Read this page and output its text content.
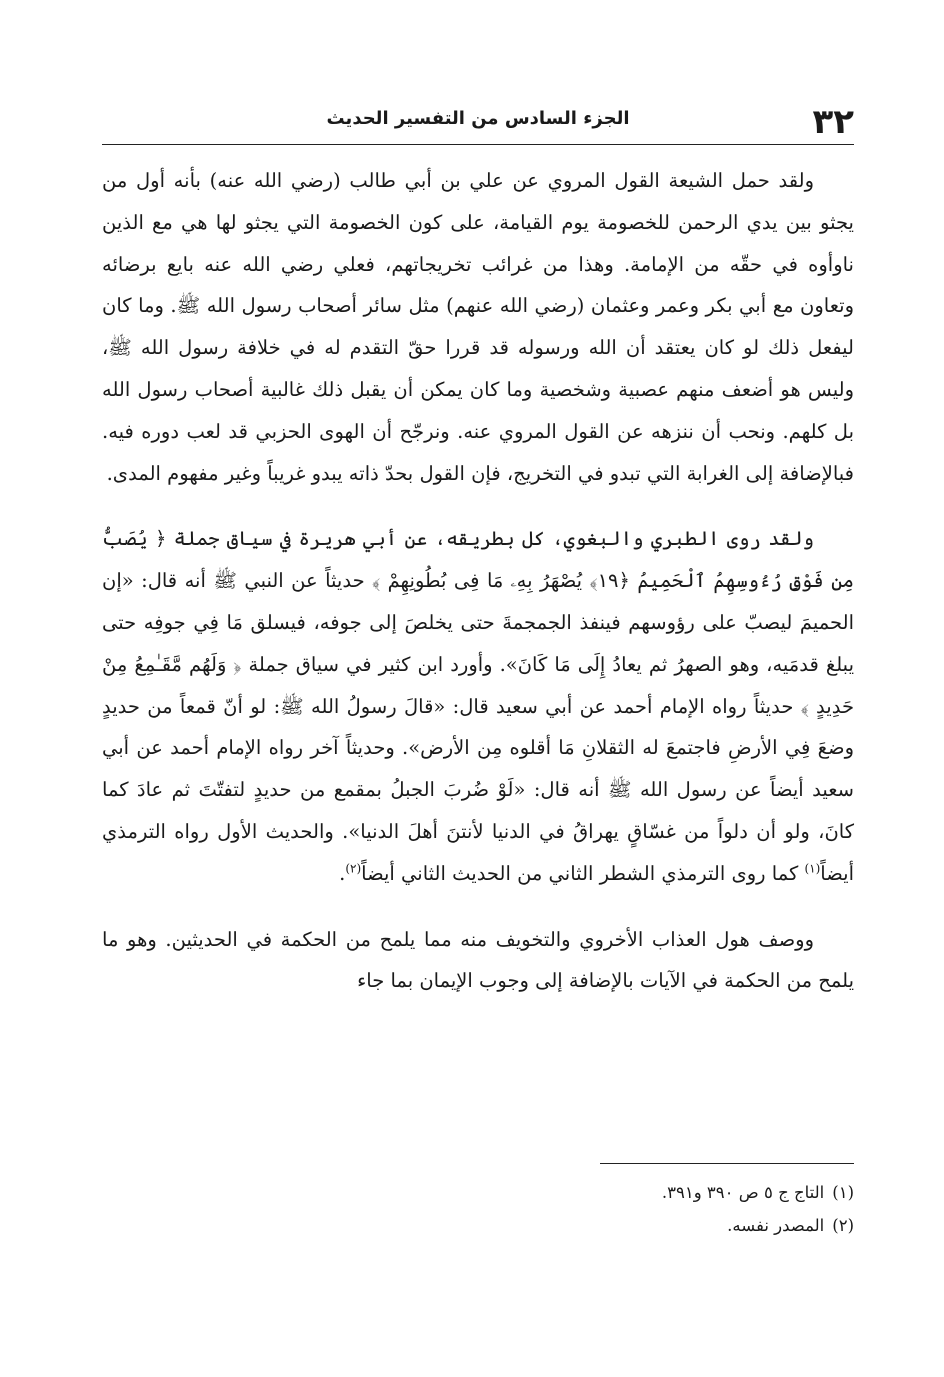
٣٢
الجزء السادس من التفسير الحديث

ولقد حمل الشيعة القول المروي عن علي بن أبي طالب (رضي الله عنه) بأنه أول من يجثو بين يدي الرحمن للخصومة يوم القيامة، على كون الخصومة التي يجثو لها هي مع الذين ناوأوه في حقّه من الإمامة. وهذا من غرائب تخريجاتهم، فعلي رضي الله عنه بايع برضائه وتعاون مع أبي بكر وعمر وعثمان (رضي الله عنهم) مثل سائر أصحاب رسول الله ﷺ. وما كان ليفعل ذلك لو كان يعتقد أن الله ورسوله قد قررا حقّ التقدم له في خلافة رسول الله ﷺ، وليس هو أضعف منهم عصبية وشخصية وما كان يمكن أن يقبل ذلك غالبية أصحاب رسول الله بل كلهم. ونحب أن ننزهه عن القول المروي عنه. ونرجّح أن الهوى الحزبي قد لعب دوره فيه. فبالإضافة إلى الغرابة التي تبدو في التخريج، فإن القول بحدّ ذاته يبدو غريباً وغير مفهوم المدى.

ولقد روى الطبري والبغوي، كل بطريقه، عن أبي هريرة في سياق جملة ﴿ يُصَبُّ مِن فَوْقِ رُءُوسِهِمُ ٱلْحَمِيمُ ﴿١٩﴾ يُصْهَرُ بِهِۦ مَا فِى بُطُونِهِمْ ﴾ حديثاً عن النبي ﷺ أنه قال: «إن الحميمَ ليصبّ على رؤوسهم فينفذ الجمجمةَ حتى يخلصَ إلى جوفه، فيسلق مَا فِي جوفِه حتى يبلغ قدمَيه، وهو الصهرُ ثم يعادُ إِلَى مَا كَانَ». وأورد ابن كثير في سياق جملة ﴿ وَلَهُم مَّقَـٰمِعُ مِنْ حَدِيدٍ ﴾ حديثاً رواه الإمام أحمد عن أبي سعيد قال: «قالَ رسولُ الله ﷺ: لو أنّ قمعاً من حديدٍ وضعَ فِي الأرضِ فاجتمعَ له الثقلانِ مَا أقلوه مِن الأرض». وحديثاً آخر رواه الإمام أحمد عن أبي سعيد أيضاً عن رسول الله ﷺ أنه قال: «لَوْ ضُربَ الجبلُ بمقمع من حديدٍ لتفتّتَ ثم عادَ كما كانَ، ولو أن دلواً من غسّاقٍ يهراقُ في الدنيا لأنتنَ أهلَ الدنيا». والحديث الأول رواه الترمذي أيضاً$^{(١)}$ كما روى الترمذي الشطر الثاني من الحديث الثاني أيضاً$^{(٢)}$.

ووصف هول العذاب الأخروي والتخويف منه مما يلمح من الحكمة في الحديثين. وهو ما يلمح من الحكمة في الآيات بالإضافة إلى وجوب الإيمان بما جاء

(١)التاج ج ٥ ص ٣٩٠ و٣٩١.
(٢)المصدر نفسه.
